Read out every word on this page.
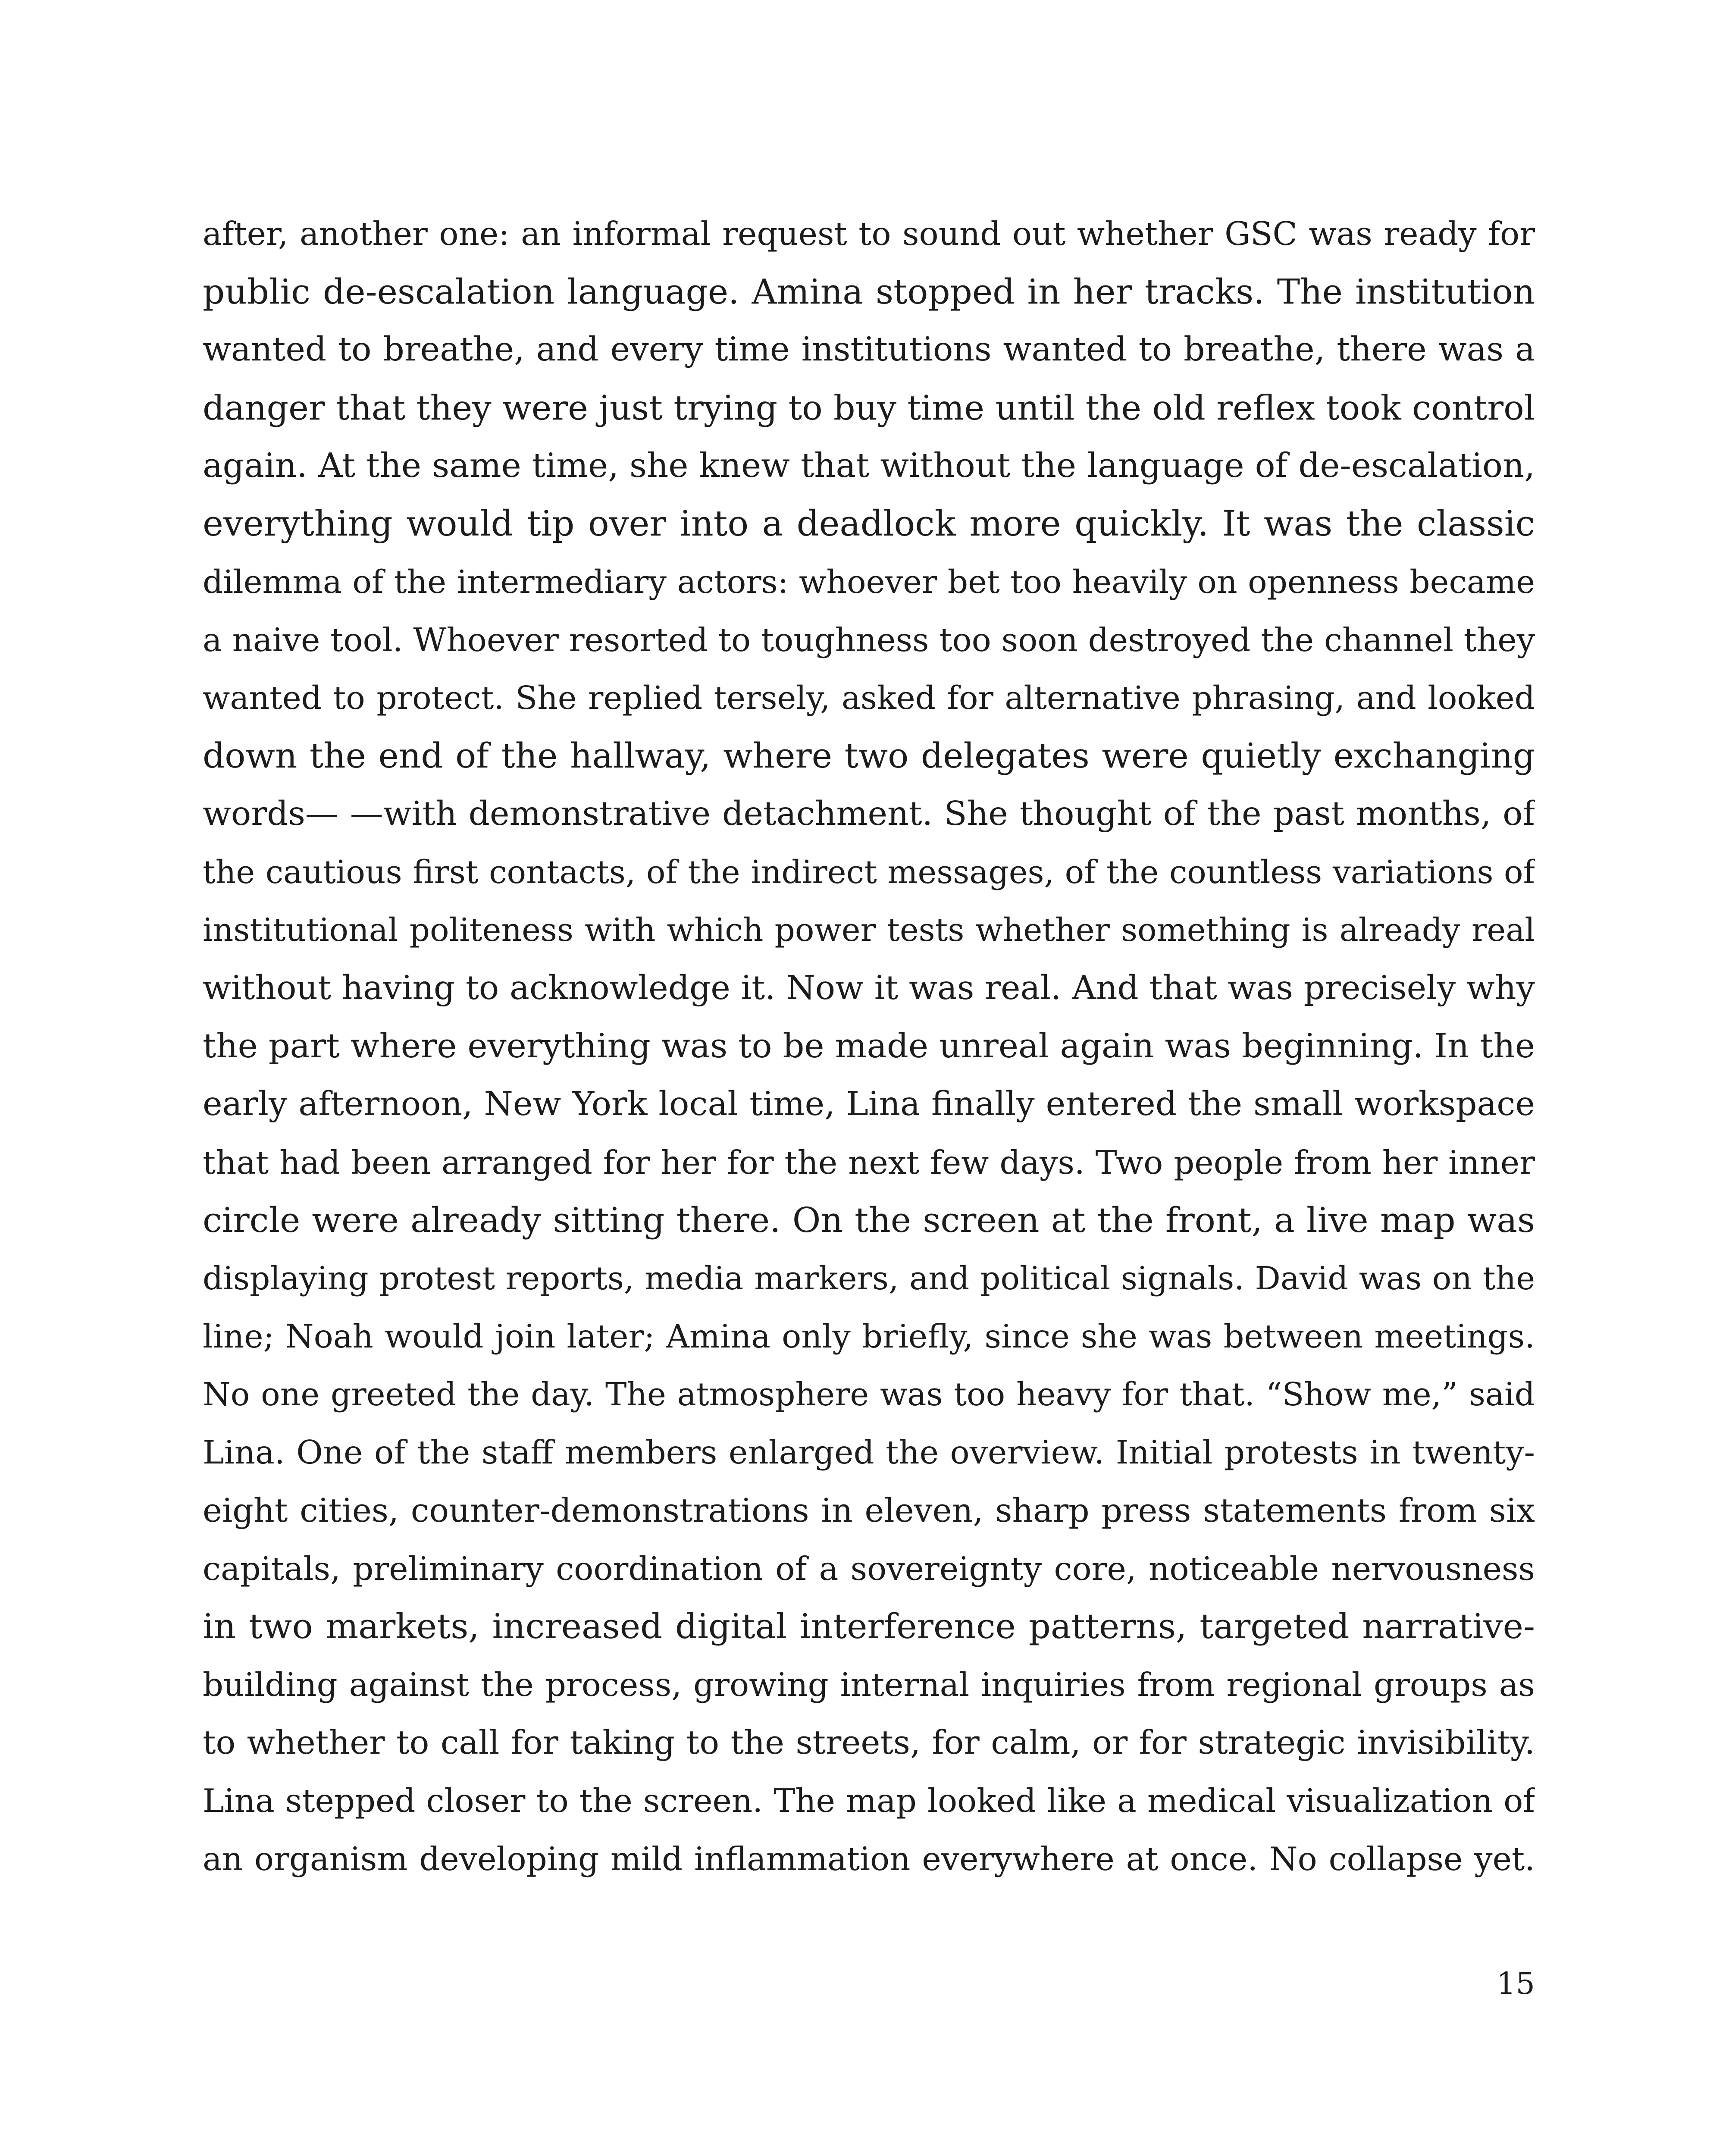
after, another one: an informal request to sound out whether GSC was ready for
public de-escalation language. Amina stopped in her tracks. The institution
wanted to breathe, and every time institutions wanted to breathe, there was a
danger that they were just trying to buy time until the old reflex took control
again. At the same time, she knew that without the language of de-escalation,
everything would tip over into a deadlock more quickly. It was the classic
dilemma of the intermediary actors: whoever bet too heavily on openness became
a naive tool. Whoever resorted to toughness too soon destroyed the channel they
wanted to protect. She replied tersely, asked for alternative phrasing, and looked
down the end of the hallway, where two delegates were quietly exchanging
words— —with demonstrative detachment. She thought of the past months, of
the cautious first contacts, of the indirect messages, of the countless variations of
institutional politeness with which power tests whether something is already real
without having to acknowledge it. Now it was real. And that was precisely why
the part where everything was to be made unreal again was beginning. In the
early afternoon, New York local time, Lina finally entered the small workspace
that had been arranged for her for the next few days. Two people from her inner
circle were already sitting there. On the screen at the front, a live map was
displaying protest reports, media markers, and political signals. David was on the
line; Noah would join later; Amina only briefly, since she was between meetings.
No one greeted the day. The atmosphere was too heavy for that. “Show me,” said
Lina. One of the staff members enlarged the overview. Initial protests in twenty-
eight cities, counter-demonstrations in eleven, sharp press statements from six
capitals, preliminary coordination of a sovereignty core, noticeable nervousness
in two markets, increased digital interference patterns, targeted narrative-
building against the process, growing internal inquiries from regional groups as
to whether to call for taking to the streets, for calm, or for strategic invisibility.
Lina stepped closer to the screen. The map looked like a medical visualization of
an organism developing mild inflammation everywhere at once. No collapse yet.
15
